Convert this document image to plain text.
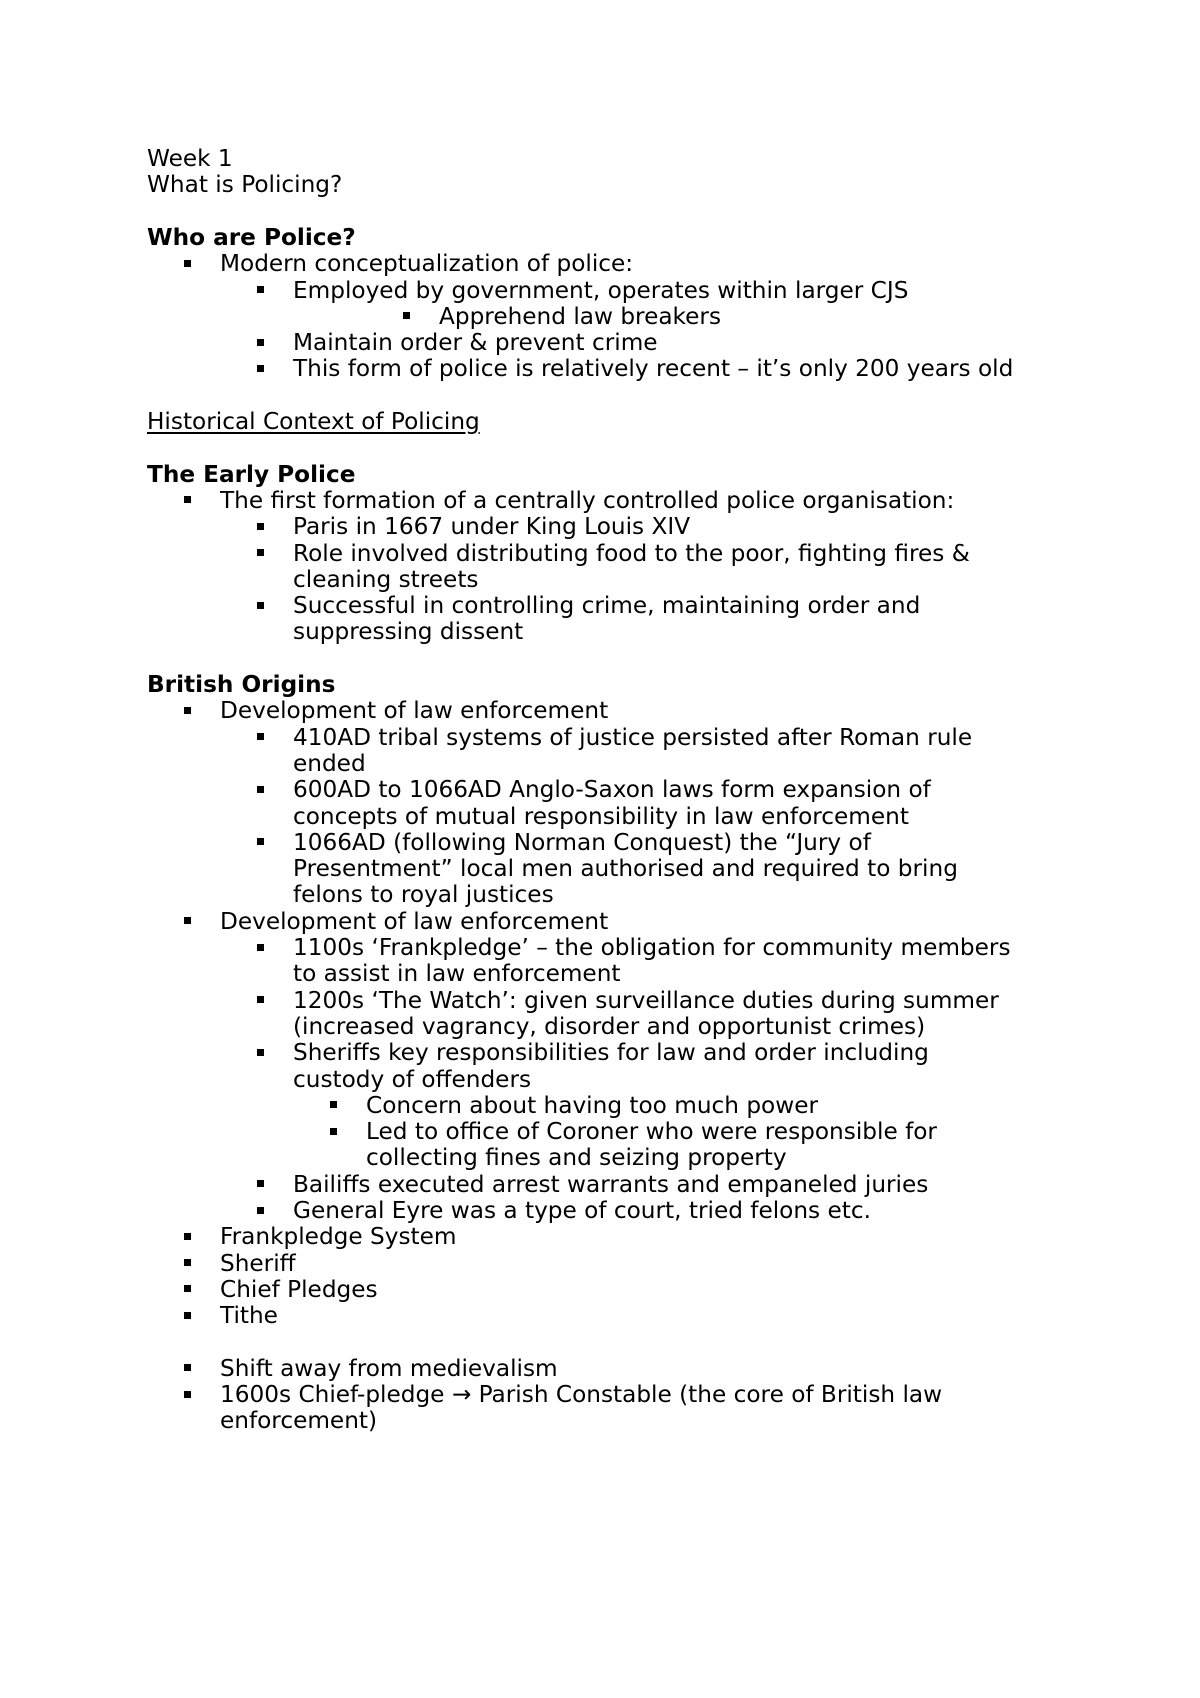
Week 1
What is Policing?
Who are Police?
Modern conceptualization of police:
Employed by government, operates within larger CJS
Apprehend law breakers
Maintain order & prevent crime
This form of police is relatively recent – it’s only 200 years old
Historical Context of Policing
The Early Police
The first formation of a centrally controlled police organisation:
Paris in 1667 under King Louis XIV
Role involved distributing food to the poor, fighting fires &
cleaning streets
Successful in controlling crime, maintaining order and
suppressing dissent
British Origins
Development of law enforcement
410AD tribal systems of justice persisted after Roman rule
ended
600AD to 1066AD Anglo-Saxon laws form expansion of
concepts of mutual responsibility in law enforcement
1066AD (following Norman Conquest) the “Jury of
Presentment” local men authorised and required to bring
felons to royal justices
Development of law enforcement
1100s ‘Frankpledge’ – the obligation for community members
to assist in law enforcement
1200s ‘The Watch’: given surveillance duties during summer
(increased vagrancy, disorder and opportunist crimes)
Sheriffs key responsibilities for law and order including
custody of offenders
Concern about having too much power
Led to office of Coroner who were responsible for
collecting fines and seizing property
Bailiffs executed arrest warrants and empaneled juries
General Eyre was a type of court, tried felons etc.
Frankpledge System
Sheriff
Chief Pledges
Tithe
Shift away from medievalism
1600s Chief-pledge → Parish Constable (the core of British law
enforcement)
